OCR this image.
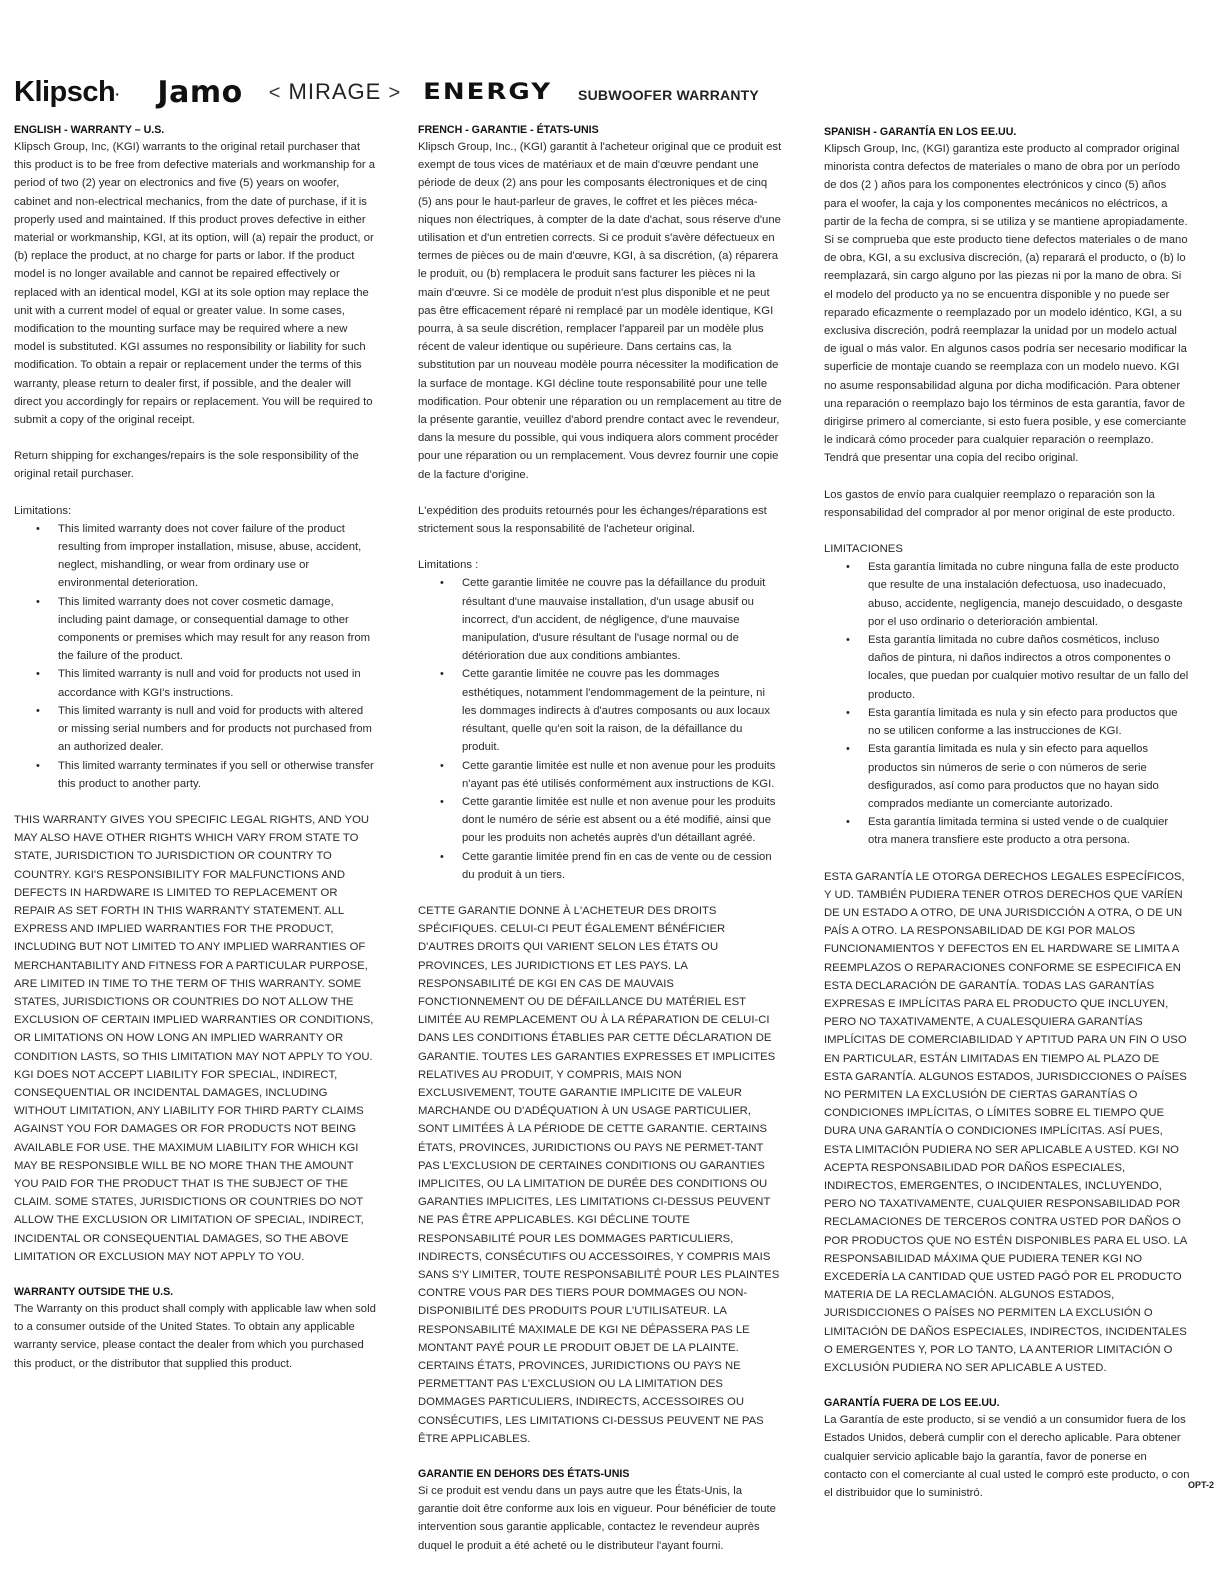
Klipsch· Jamo < MIRAGE > ENERGY SUBWOOFER WARRANTY
ENGLISH - WARRANTY – U.S.

Klipsch Group, Inc, (KGI) warrants to the original retail purchaser that this product is to be free from defective materials and workmanship for a period of two (2) year on electronics and five (5) years on woofer, cabinet and non-electrical mechanics, from the date of purchase, if it is properly used and maintained. If this product proves defective in either material or workmanship, KGI, at its option, will (a) repair the product, or (b) replace the product, at no charge for parts or labor. If the product model is no longer available and cannot be repaired effectively or replaced with an identical model, KGI at its sole option may replace the unit with a current model of equal or greater value. In some cases, modification to the mounting surface may be required where a new model is substituted. KGI assumes no responsibility or liability for such modification. To obtain a repair or replacement under the terms of this warranty, please return to dealer first, if possible, and the dealer will direct you accordingly for repairs or replacement. You will be required to submit a copy of the original receipt.

Return shipping for exchanges/repairs is the sole responsibility of the original retail purchaser.

Limitations:

• This limited warranty does not cover failure of the product resulting from improper installation, misuse, abuse, accident, neglect, mishandling, or wear from ordinary use or environmental deterioration.
• This limited warranty does not cover cosmetic damage, including paint damage, or consequential damage to other components or premises which may result for any reason from the failure of the product.
• This limited warranty is null and void for products not used in accordance with KGI's instructions.
• This limited warranty is null and void for products with altered or missing serial numbers and for products not purchased from an authorized dealer.
• This limited warranty terminates if you sell or otherwise transfer this product to another party.

THIS WARRANTY GIVES YOU SPECIFIC LEGAL RIGHTS, AND YOU MAY ALSO HAVE OTHER RIGHTS WHICH VARY FROM STATE TO STATE, JURISDICTION TO JURISDICTION OR COUNTRY TO COUNTRY. KGI'S RESPONSIBILITY FOR MALFUNCTIONS AND DEFECTS IN HARDWARE IS LIMITED TO REPLACEMENT OR REPAIR AS SET FORTH IN THIS WARRANTY STATEMENT. ALL EXPRESS AND IMPLIED WARRANTIES FOR THE PRODUCT, INCLUDING BUT NOT LIMITED TO ANY IMPLIED WARRANTIES OF MERCHANTABILITY AND FITNESS FOR A PARTICULAR PURPOSE, ARE LIMITED IN TIME TO THE TERM OF THIS WARRANTY. SOME STATES, JURISDICTIONS OR COUNTRIES DO NOT ALLOW THE EXCLUSION OF CERTAIN IMPLIED WARRANTIES OR CONDITIONS, OR LIMITATIONS ON HOW LONG AN IMPLIED WARRANTY OR CONDITION LASTS, SO THIS LIMITATION MAY NOT APPLY TO YOU. KGI DOES NOT ACCEPT LIABILITY FOR SPECIAL, INDIRECT, CONSEQUENTIAL OR INCIDENTAL DAMAGES, INCLUDING WITHOUT LIMITATION, ANY LIABILITY FOR THIRD PARTY CLAIMS AGAINST YOU FOR DAMAGES OR FOR PRODUCTS NOT BEING AVAILABLE FOR USE. THE MAXIMUM LIABILITY FOR WHICH KGI MAY BE RESPONSIBLE WILL BE NO MORE THAN THE AMOUNT YOU PAID FOR THE PRODUCT THAT IS THE SUBJECT OF THE CLAIM. SOME STATES, JURISDICTIONS OR COUNTRIES DO NOT ALLOW THE EXCLUSION OR LIMITATION OF SPECIAL, INDIRECT, INCIDENTAL OR CONSEQUENTIAL DAMAGES, SO THE ABOVE LIMITATION OR EXCLUSION MAY NOT APPLY TO YOU.

WARRANTY OUTSIDE THE U.S.

The Warranty on this product shall comply with applicable law when sold to a consumer outside of the United States. To obtain any applicable warranty service, please contact the dealer from which you purchased this product, or the distributor that supplied this product.

FRENCH - GARANTIE - ÉTATS-UNIS

Klipsch Group, Inc., (KGI) garantit à l'acheteur original que ce produit est exempt de tous vices de matériaux et de main d'œuvre pendant une période de deux (2) ans pour les composants électroniques et de cinq (5) ans pour le haut-parleur de graves, le coffret et les pièces méca-niques non électriques, à compter de la date d'achat, sous réserve d'une utilisation et d'un entretien corrects. Si ce produit s'avère défectueux en termes de pièces ou de main d'œuvre, KGI, à sa discrétion, (a) réparera le produit, ou (b) remplacera le produit sans facturer les pièces ni la main d'œuvre. Si ce modèle de produit n'est plus disponible et ne peut pas être efficacement réparé ni remplacé par un modèle identique, KGI pourra, à sa seule discrétion, remplacer l'appareil par un modèle plus récent de valeur identique ou supérieure. Dans certains cas, la substitution par un nouveau modèle pourra nécessiter la modification de la surface de montage. KGI décline toute responsabilité pour une telle modification. Pour obtenir une réparation ou un remplacement au titre de la présente garantie, veuillez d'abord prendre contact avec le revendeur, dans la mesure du possible, qui vous indiquera alors comment procéder pour une réparation ou un remplacement. Vous devrez fournir une copie de la facture d'origine.

L'expédition des produits retournés pour les échanges/réparations est strictement sous la responsabilité de l'acheteur original.

Limitations :

• Cette garantie limitée ne couvre pas la défaillance du produit résultant d'une mauvaise installation, d'un usage abusif ou incorrect, d'un accident, de négligence, d'une mauvaise manipulation, d'usure résultant de l'usage normal ou de détérioration due aux conditions ambiantes.
• Cette garantie limitée ne couvre pas les dommages esthétiques, notamment l'endommagement de la peinture, ni les dommages indirects à d'autres composants ou aux locaux résultant, quelle qu'en soit la raison, de la défaillance du produit.
• Cette garantie limitée est nulle et non avenue pour les produits n'ayant pas été utilisés conformément aux instructions de KGI.
• Cette garantie limitée est nulle et non avenue pour les produits dont le numéro de série est absent ou a été modifié, ainsi que pour les produits non achetés auprès d'un détaillant agréé.
• Cette garantie limitée prend fin en cas de vente ou de cession du produit à un tiers.

CETTE GARANTIE DONNE À L'ACHETEUR DES DROITS SPÉCIFIQUES. CELUI-CI PEUT ÉGALEMENT BÉNÉFICIER D'AUTRES DROITS QUI VARIENT SELON LES ÉTATS OU PROVINCES, LES JURIDICTIONS ET LES PAYS. LA RESPONSABILITÉ DE KGI EN CAS DE MAUVAIS FONCTIONNEMENT OU DE DÉFAILLANCE DU MATÉRIEL EST LIMITÉE AU REMPLACEMENT OU À LA RÉPARATION DE CELUI-CI DANS LES CONDITIONS ÉTABLIES PAR CETTE DÉCLARATION DE GARANTIE. TOUTES LES GARANTIES EXPRESSES ET IMPLICITES RELATIVES AU PRODUIT, Y COMPRIS, MAIS NON EXCLUSIVEMENT, TOUTE GARANTIE IMPLICITE DE VALEUR MARCHANDE OU D'ADÉQUATION À UN USAGE PARTICULIER, SONT LIMITÉES À LA PÉRIODE DE CETTE GARANTIE. CERTAINS ÉTATS, PROVINCES, JURIDICTIONS OU PAYS NE PERMET-TANT PAS L'EXCLUSION DE CERTAINES CONDITIONS OU GARANTIES IMPLICITES, OU LA LIMITATION DE DURÉE DES CONDITIONS OU GARANTIES IMPLICITES, LES LIMITATIONS CI-DESSUS PEUVENT NE PAS ÊTRE APPLICABLES. KGI DÉCLINE TOUTE RESPONSABILITÉ POUR LES DOMMAGES PARTICULIERS, INDIRECTS, CONSÉCUTIFS OU ACCESSOIRES, Y COMPRIS MAIS SANS S'Y LIMITER, TOUTE RESPONSABILITÉ POUR LES PLAINTES CONTRE VOUS PAR DES TIERS POUR DOMMAGES OU NON-DISPONIBILITÉ DES PRODUITS POUR L'UTILISATEUR. LA RESPONSABILITÉ MAXIMALE DE KGI NE DÉPASSERA PAS LE MONTANT PAYÉ POUR LE PRODUIT OBJET DE LA PLAINTE. CERTAINS ÉTATS, PROVINCES, JURIDICTIONS OU PAYS NE PERMETTANT PAS L'EXCLUSION OU LA LIMITATION DES DOMMAGES PARTICULIERS, INDIRECTS, ACCESSOIRES OU CONSÉCUTIFS, LES LIMITATIONS CI-DESSUS PEUVENT NE PAS ÊTRE APPLICABLES.

GARANTIE EN DEHORS DES ÉTATS-UNIS

Si ce produit est vendu dans un pays autre que les États-Unis, la garantie doit être conforme aux lois en vigueur. Pour bénéficier de toute intervention sous garantie applicable, contactez le revendeur auprès duquel le produit a été acheté ou le distributeur l'ayant fourni.

SPANISH - GARANTÍA EN LOS EE.UU.

Klipsch Group, Inc, (KGI) garantiza este producto al comprador original minorista contra defectos de materiales o mano de obra por un período de dos (2 ) años para los componentes electrónicos y cinco (5) años para el woofer, la caja y los componentes mecánicos no eléctricos, a partir de la fecha de compra, si se utiliza y se mantiene apropiadamente. Si se comprueba que este producto tiene defectos materiales o de mano de obra, KGI, a su exclusiva discreción, (a) reparará el producto, o (b) lo reemplazará, sin cargo alguno por las piezas ni por la mano de obra. Si el modelo del producto ya no se encuentra disponible y no puede ser reparado eficazmente o reemplazado por un modelo idéntico, KGI, a su exclusiva discreción, podrá reemplazar la unidad por un modelo actual de igual o más valor. En algunos casos podría ser necesario modificar la superficie de montaje cuando se reemplaza con un modelo nuevo. KGI no asume responsabilidad alguna por dicha modificación. Para obtener una reparación o reemplazo bajo los términos de esta garantía, favor de dirigirse primero al comerciante, si esto fuera posible, y ese comerciante le indicará cómo proceder para cualquier reparación o reemplazo. Tendrá que presentar una copia del recibo original.

Los gastos de envío para cualquier reemplazo o reparación son la responsabilidad del comprador al por menor original de este producto.

LIMITACIONES

• Esta garantía limitada no cubre ninguna falla de este producto que resulte de una instalación defectuosa, uso inadecuado, abuso, accidente, negligencia, manejo descuidado, o desgaste por el uso ordinario o deterioración ambiental.
• Esta garantía limitada no cubre daños cosméticos, incluso daños de pintura, ni daños indirectos a otros componentes o locales, que puedan por cualquier motivo resultar de un fallo del producto.
• Esta garantía limitada es nula y sin efecto para productos que no se utilicen conforme a las instrucciones de KGI.
• Esta garantía limitada es nula y sin efecto para aquellos productos sin números de serie o con números de serie desfigurados, así como para productos que no hayan sido comprados mediante un comerciante autorizado.
• Esta garantía limitada termina si usted vende o de cualquier otra manera transfiere este producto a otra persona.

ESTA GARANTÍA LE OTORGA DERECHOS LEGALES ESPECÍFICOS, Y UD. TAMBIÉN PUDIERA TENER OTROS DERECHOS QUE VARÍEN DE UN ESTADO A OTRO, DE UNA JURISDICCIÓN A OTRA, O DE UN PAÍS A OTRO. LA RESPONSABILIDAD DE KGI POR MALOS FUNCIONAMIENTOS Y DEFECTOS EN EL HARDWARE SE LIMITA A REEMPLAZOS O REPARACIONES CONFORME SE ESPECIFICA EN ESTA DECLARACIÓN DE GARANTÍA. TODAS LAS GARANTÍAS EXPRESAS E IMPLÍCITAS PARA EL PRODUCTO QUE INCLUYEN, PERO NO TAXATIVAMENTE, A CUALESQUIERA GARANTÍAS IMPLÍCITAS DE COMERCIABILIDAD Y APTITUD PARA UN FIN O USO EN PARTICULAR, ESTÁN LIMITADAS EN TIEMPO AL PLAZO DE ESTA GARANTÍA. ALGUNOS ESTADOS, JURISDICCIONES O PAÍSES NO PERMITEN LA EXCLUSIÓN DE CIERTAS GARANTÍAS O CONDICIONES IMPLÍCITAS, O LÍMITES SOBRE EL TIEMPO QUE DURA UNA GARANTÍA O CONDICIONES IMPLÍCITAS. ASÍ PUES, ESTA LIMITACIÓN PUDIERA NO SER APLICABLE A USTED. KGI NO ACEPTA RESPONSABILIDAD POR DAÑOS ESPECIALES, INDIRECTOS, EMERGENTES, O INCIDENTALES, INCLUYENDO, PERO NO TAXATIVAMENTE, CUALQUIER RESPONSABILIDAD POR RECLAMACIONES DE TERCEROS CONTRA USTED POR DAÑOS O POR PRODUCTOS QUE NO ESTÉN DISPONIBLES PARA EL USO. LA RESPONSABILIDAD MÁXIMA QUE PUDIERA TENER KGI NO EXCEDERÍA LA CANTIDAD QUE USTED PAGÓ POR EL PRODUCTO MATERIA DE LA RECLAMACIÓN. ALGUNOS ESTADOS, JURISDICCIONES O PAÍSES NO PERMITEN LA EXCLUSIÓN O LIMITACIÓN DE DAÑOS ESPECIALES, INDIRECTOS, INCIDENTALES O EMERGENTES Y, POR LO TANTO, LA ANTERIOR LIMITACIÓN O EXCLUSIÓN PUDIERA NO SER APLICABLE A USTED.

GARANTÍA FUERA DE LOS EE.UU.

La Garantía de este producto, si se vendió a un consumidor fuera de los Estados Unidos, deberá cumplir con el derecho aplicable. Para obtener cualquier servicio aplicable bajo la garantía, favor de ponerse en contacto con el comerciante al cual usted le compró este producto, o con el distribuidor que lo suministró.

OPT-2
